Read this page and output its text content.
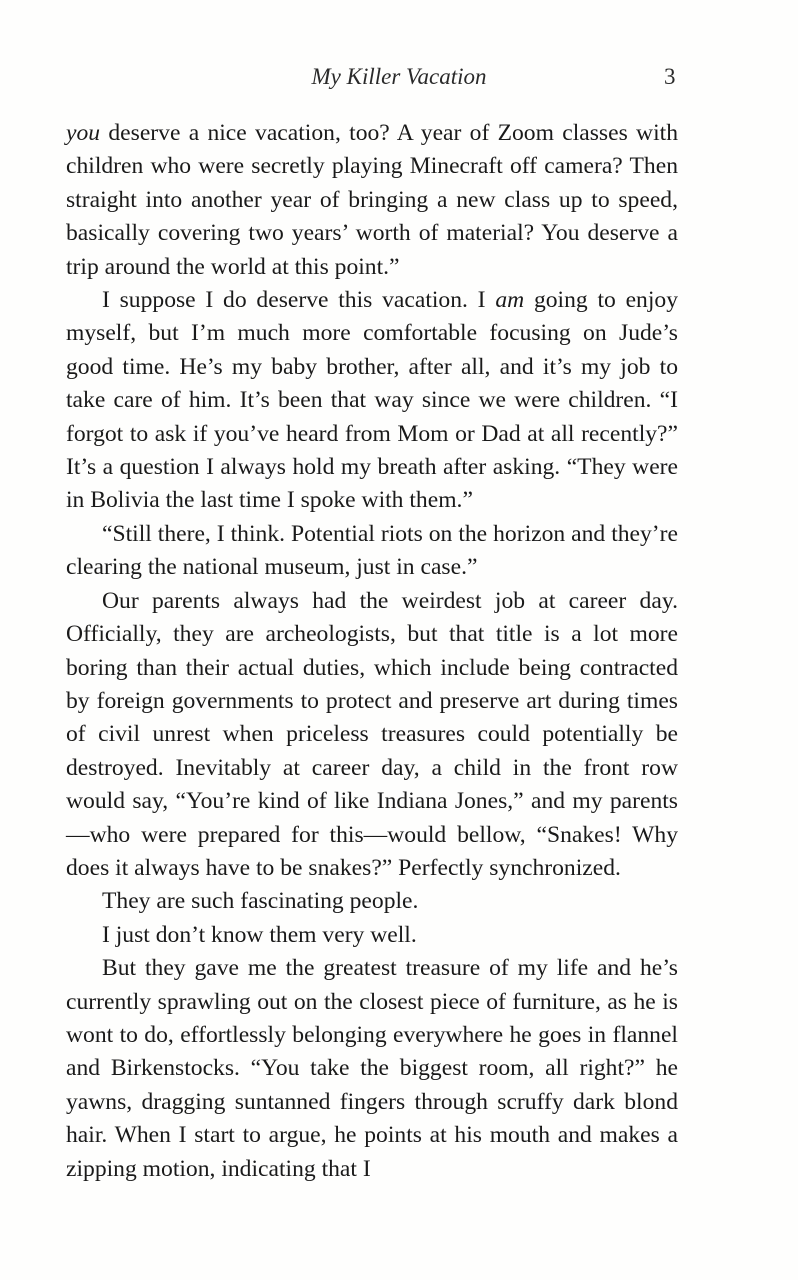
My Killer Vacation	3

you deserve a nice vacation, too? A year of Zoom classes with children who were secretly playing Minecraft off camera? Then straight into another year of bringing a new class up to speed, basically covering two years’ worth of material? You deserve a trip around the world at this point.”

I suppose I do deserve this vacation. I am going to enjoy myself, but I’m much more comfortable focusing on Jude’s good time. He’s my baby brother, after all, and it’s my job to take care of him. It’s been that way since we were children. “I forgot to ask if you’ve heard from Mom or Dad at all recently?” It’s a question I always hold my breath after asking. “They were in Bolivia the last time I spoke with them.”

“Still there, I think. Potential riots on the horizon and they’re clearing the national museum, just in case.”

Our parents always had the weirdest job at career day. Officially, they are archeologists, but that title is a lot more boring than their actual duties, which include being contracted by foreign governments to protect and preserve art during times of civil unrest when priceless treasures could potentially be destroyed. Inevitably at career day, a child in the front row would say, “You’re kind of like Indiana Jones,” and my parents—who were prepared for this—would bellow, “Snakes! Why does it always have to be snakes?” Perfectly synchronized.

They are such fascinating people.

I just don’t know them very well.

But they gave me the greatest treasure of my life and he’s currently sprawling out on the closest piece of furniture, as he is wont to do, effortlessly belonging everywhere he goes in flannel and Birkenstocks. “You take the biggest room, all right?” he yawns, dragging suntanned fingers through scruffy dark blond hair. When I start to argue, he points at his mouth and makes a zipping motion, indicating that I
